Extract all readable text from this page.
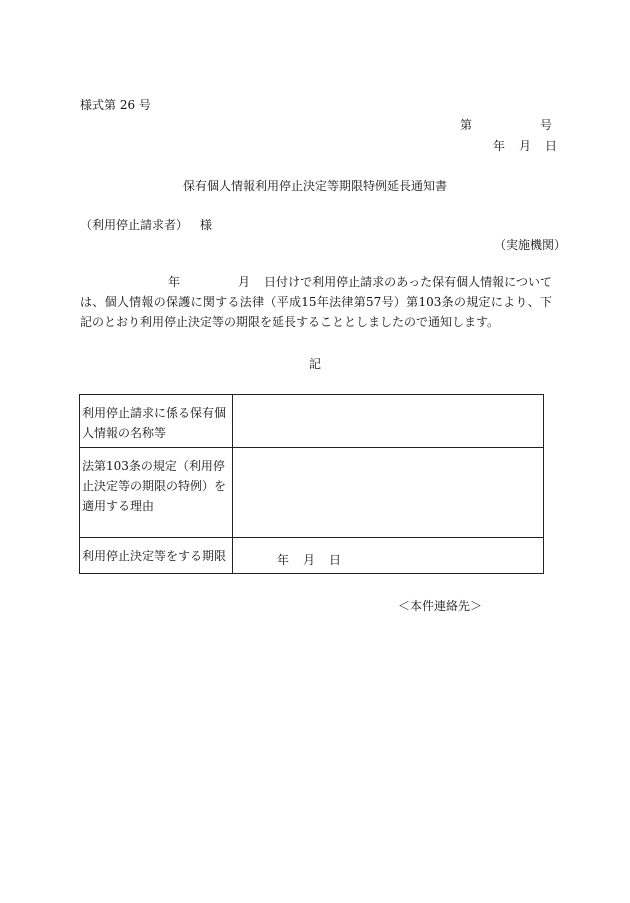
様式第 26 号
第	号
年 月 日
保有個人情報利用停止決定等期限特例延長通知書
（利用停止請求者） 様
（実施機関）
年	月 日付けで利用停止請求のあった保有個人情報については、個人情報の保護に関する法律（平成15年法律第57号）第103条の規定により、下記のとおり利用停止決定等の期限を延長することとしましたので通知します。
記
利用停止請求に係る保有個人情報の名称等	
法第103条の規定（利用停止決定等の期限の特例）を適用する理由	
利用停止決定等をする期限	年 月 日
＜本件連絡先＞
